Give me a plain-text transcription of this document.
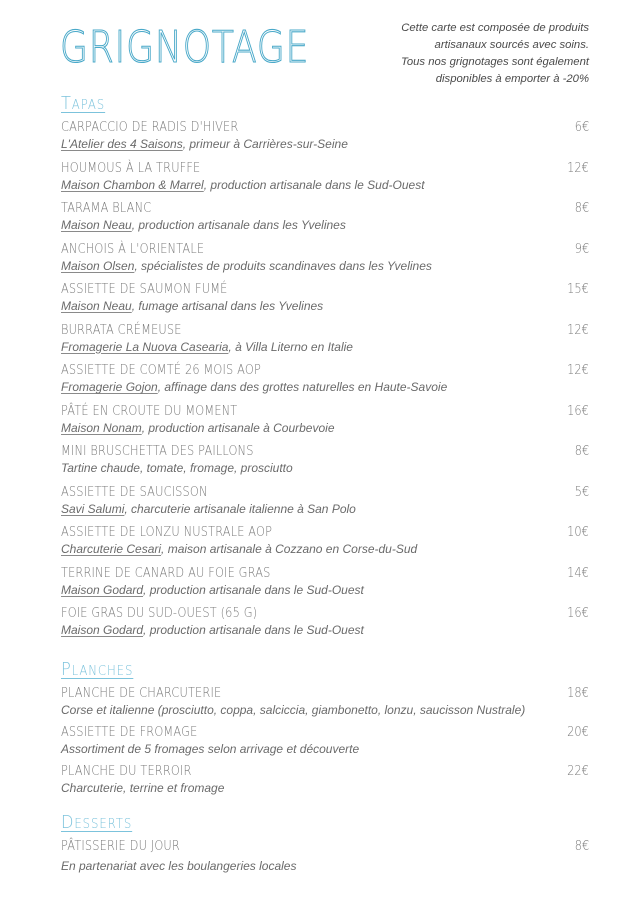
GRIGNOTAGE	Cette carte est composée de produits

artisanaux sourcés avec soins.

Tous nos grignotages sont également

disponibles à emporter à -20%

Tapas
CARPACCIO DE RADIS D'HIVER
L'Atelier des 4 Saisons, primeur à Carrières-sur-Seine
6€
HOUMOUS À LA TRUFFE
Maison Chambon & Marrel, production artisanale dans le Sud-Ouest
12€
TARAMA BLANC
Maison Neau, production artisanale dans les Yvelines
8€
ANCHOIS À L'ORIENTALE
Maison Olsen, spécialistes de produits scandinaves dans les Yvelines
9€
ASSIETTE DE SAUMON FUMÉ
Maison Neau, fumage artisanal dans les Yvelines
15€
BURRATA CRÉMEUSE
Fromagerie La Nuova Casearia, à Villa Literno en Italie
12€
ASSIETTE DE COMTÉ 26 MOIS AOP
Fromagerie Gojon, affinage dans des grottes naturelles en Haute-Savoie
12€
PÂTÉ EN CROUTE DU MOMENT
Maison Nonam, production artisanale à Courbevoie
16€
MINI BRUSCHETTA DES PAILLONS
Tartine chaude, tomate, fromage, prosciutto
8€
ASSIETTE DE SAUCISSON
Savi Salumi, charcuterie artisanale italienne à San Polo
5€
ASSIETTE DE LONZU NUSTRALE AOP
Charcuterie Cesari, maison artisanale à Cozzano en Corse-du-Sud
10€
TERRINE DE CANARD AU FOIE GRAS
Maison Godard, production artisanale dans le Sud-Ouest
14€
FOIE GRAS DU SUD-OUEST (65 G)
Maison Godard, production artisanale dans le Sud-Ouest
16€
Planches
PLANCHE DE CHARCUTERIE
Corse et italienne (prosciutto, coppa, salciccia, giambonetto, lonzu, saucisson Nustrale)
18€
ASSIETTE DE FROMAGE
Assortiment de 5 fromages selon arrivage et découverte
20€
PLANCHE DU TERROIR
Charcuterie, terrine et fromage
22€
Desserts
PÂTISSERIE DU JOUR
En partenariat avec les boulangeries locales
8€
